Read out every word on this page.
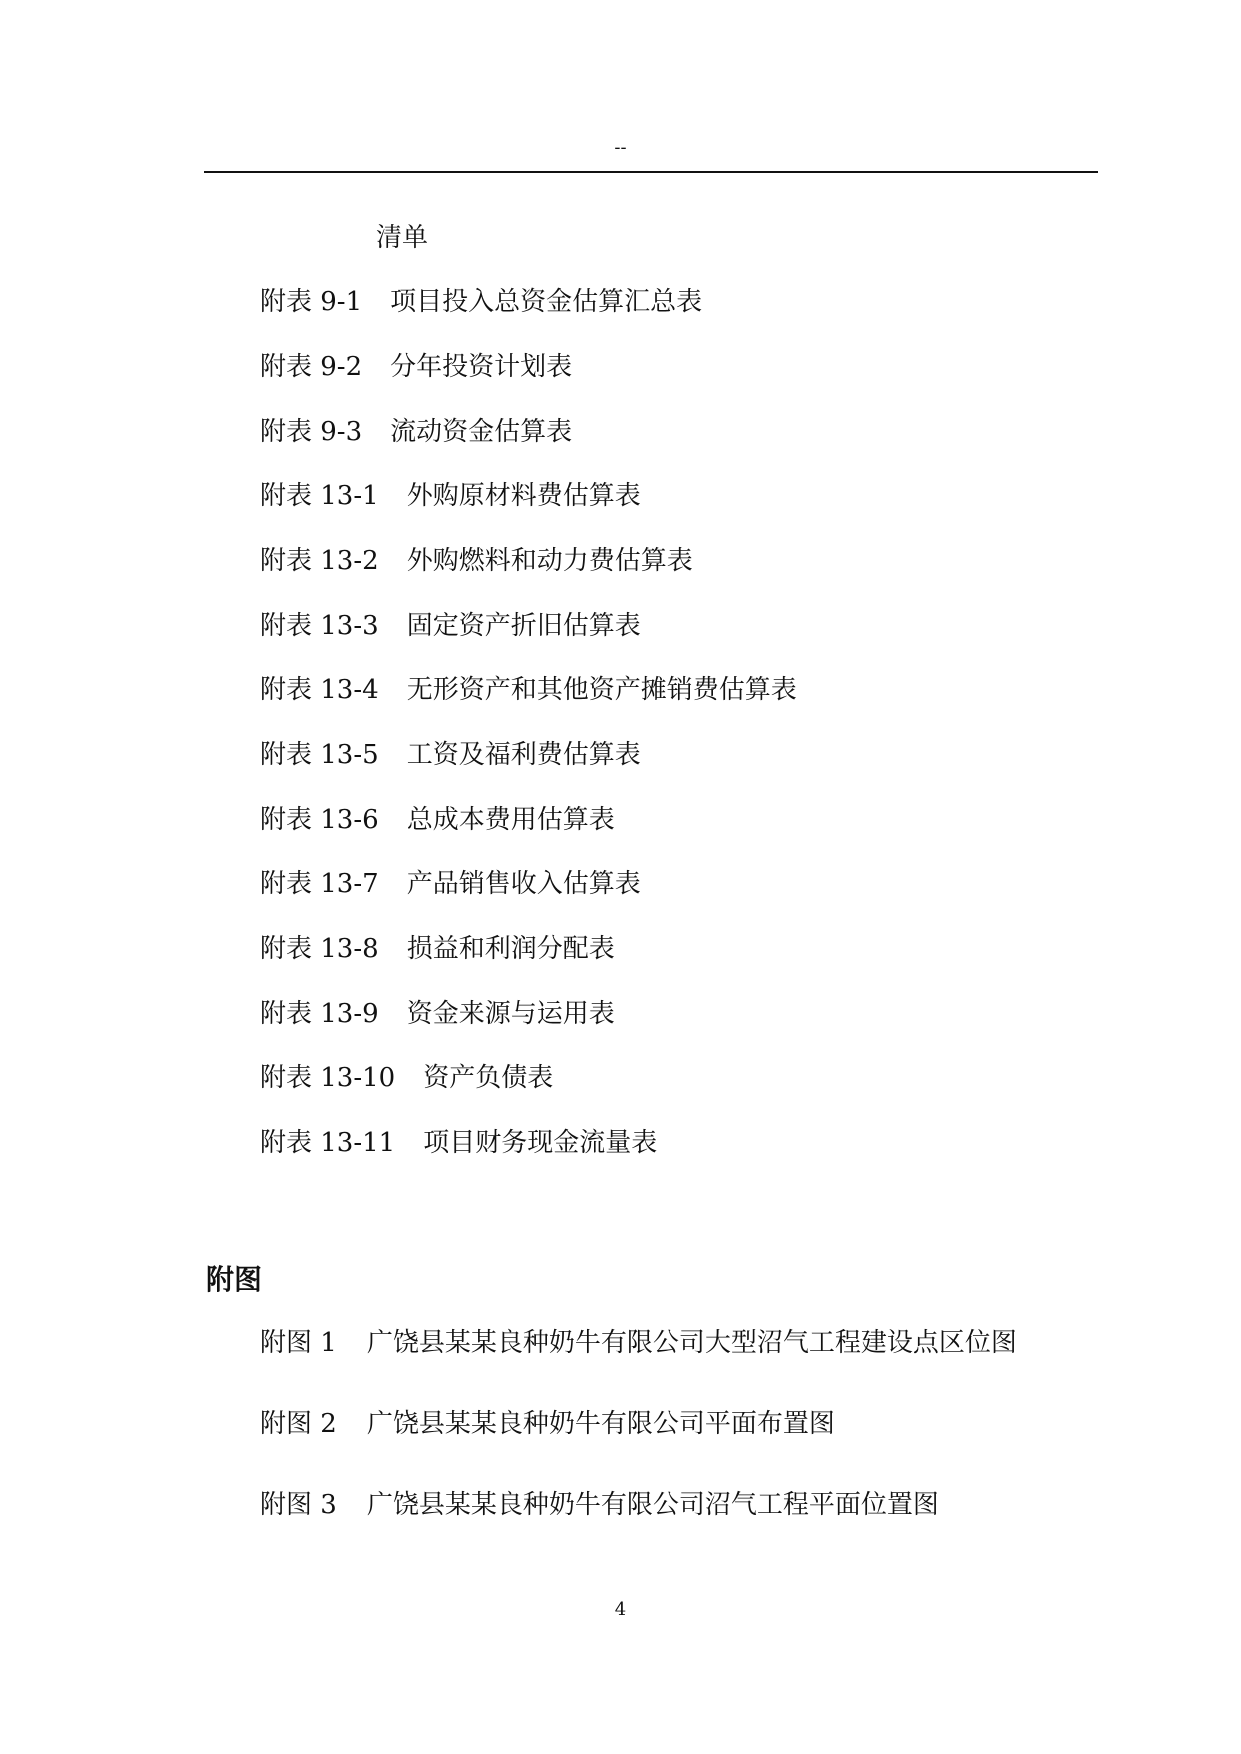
--
清单
附表 9-1 项目投入总资金估算汇总表
附表 9-2 分年投资计划表
附表 9-3 流动资金估算表
附表 13-1 外购原材料费估算表
附表 13-2 外购燃料和动力费估算表
附表 13-3 固定资产折旧估算表
附表 13-4 无形资产和其他资产摊销费估算表
附表 13-5 工资及福利费估算表
附表 13-6 总成本费用估算表
附表 13-7 产品销售收入估算表
附表 13-8 损益和利润分配表
附表 13-9 资金来源与运用表
附表 13-10 资产负债表
附表 13-11 项目财务现金流量表
附图
附图 1 广饶县某某良种奶牛有限公司大型沼气工程建设点区位图
附图 2 广饶县某某良种奶牛有限公司平面布置图
附图 3 广饶县某某良种奶牛有限公司沼气工程平面位置图
4
